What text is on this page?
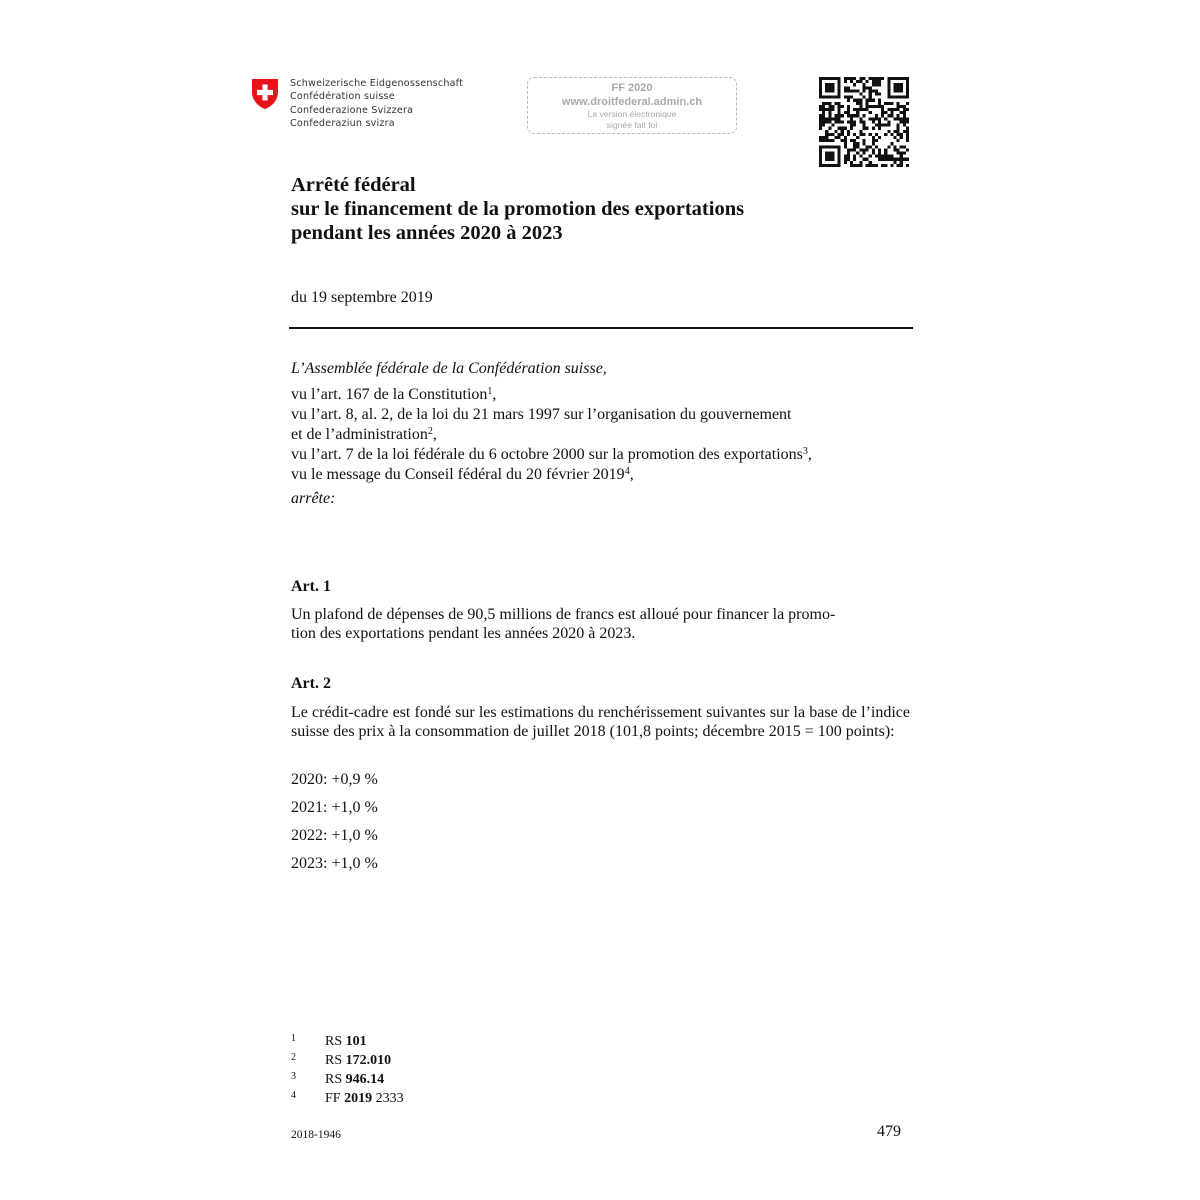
Schweizerische Eidgenossenschaft
Confédération suisse
Confederazione Svizzera
Confederaziun svizra
FF 2020
www.droitfederal.admin.ch
La version électronique
signée fait foi
Arrêté fédéral
sur le financement de la promotion des exportations
pendant les années 2020 à 2023
du 19 septembre 2019
L’Assemblée fédérale de la Confédération suisse,
vu l’art. 167 de la Constitution$^1$,
vu l’art. 8, al. 2, de la loi du 21 mars 1997 sur l’organisation du gouvernement
et de l’administration$^2$,
vu l’art. 7 de la loi fédérale du 6 octobre 2000 sur la promotion des exportations$^3$,
vu le message du Conseil fédéral du 20 février 2019$^4$,
arrête:
Art. 1
Un plafond de dépenses de 90,5 millions de francs est alloué pour financer la promo-
tion des exportations pendant les années 2020 à 2023.
Art. 2
Le crédit-cadre est fondé sur les estimations du renchérissement suivantes sur la base de l’indice suisse des prix à la consommation de juillet 2018 (101,8 points; décembre 2015 = 100 points):
2020: +0,9 %
2021: +1,0 %
2022: +1,0 %
2023: +1,0 %
1 RS 101
2 RS 172.010
3 RS 946.14
4 FF 2019 2333
2018-1946	479
